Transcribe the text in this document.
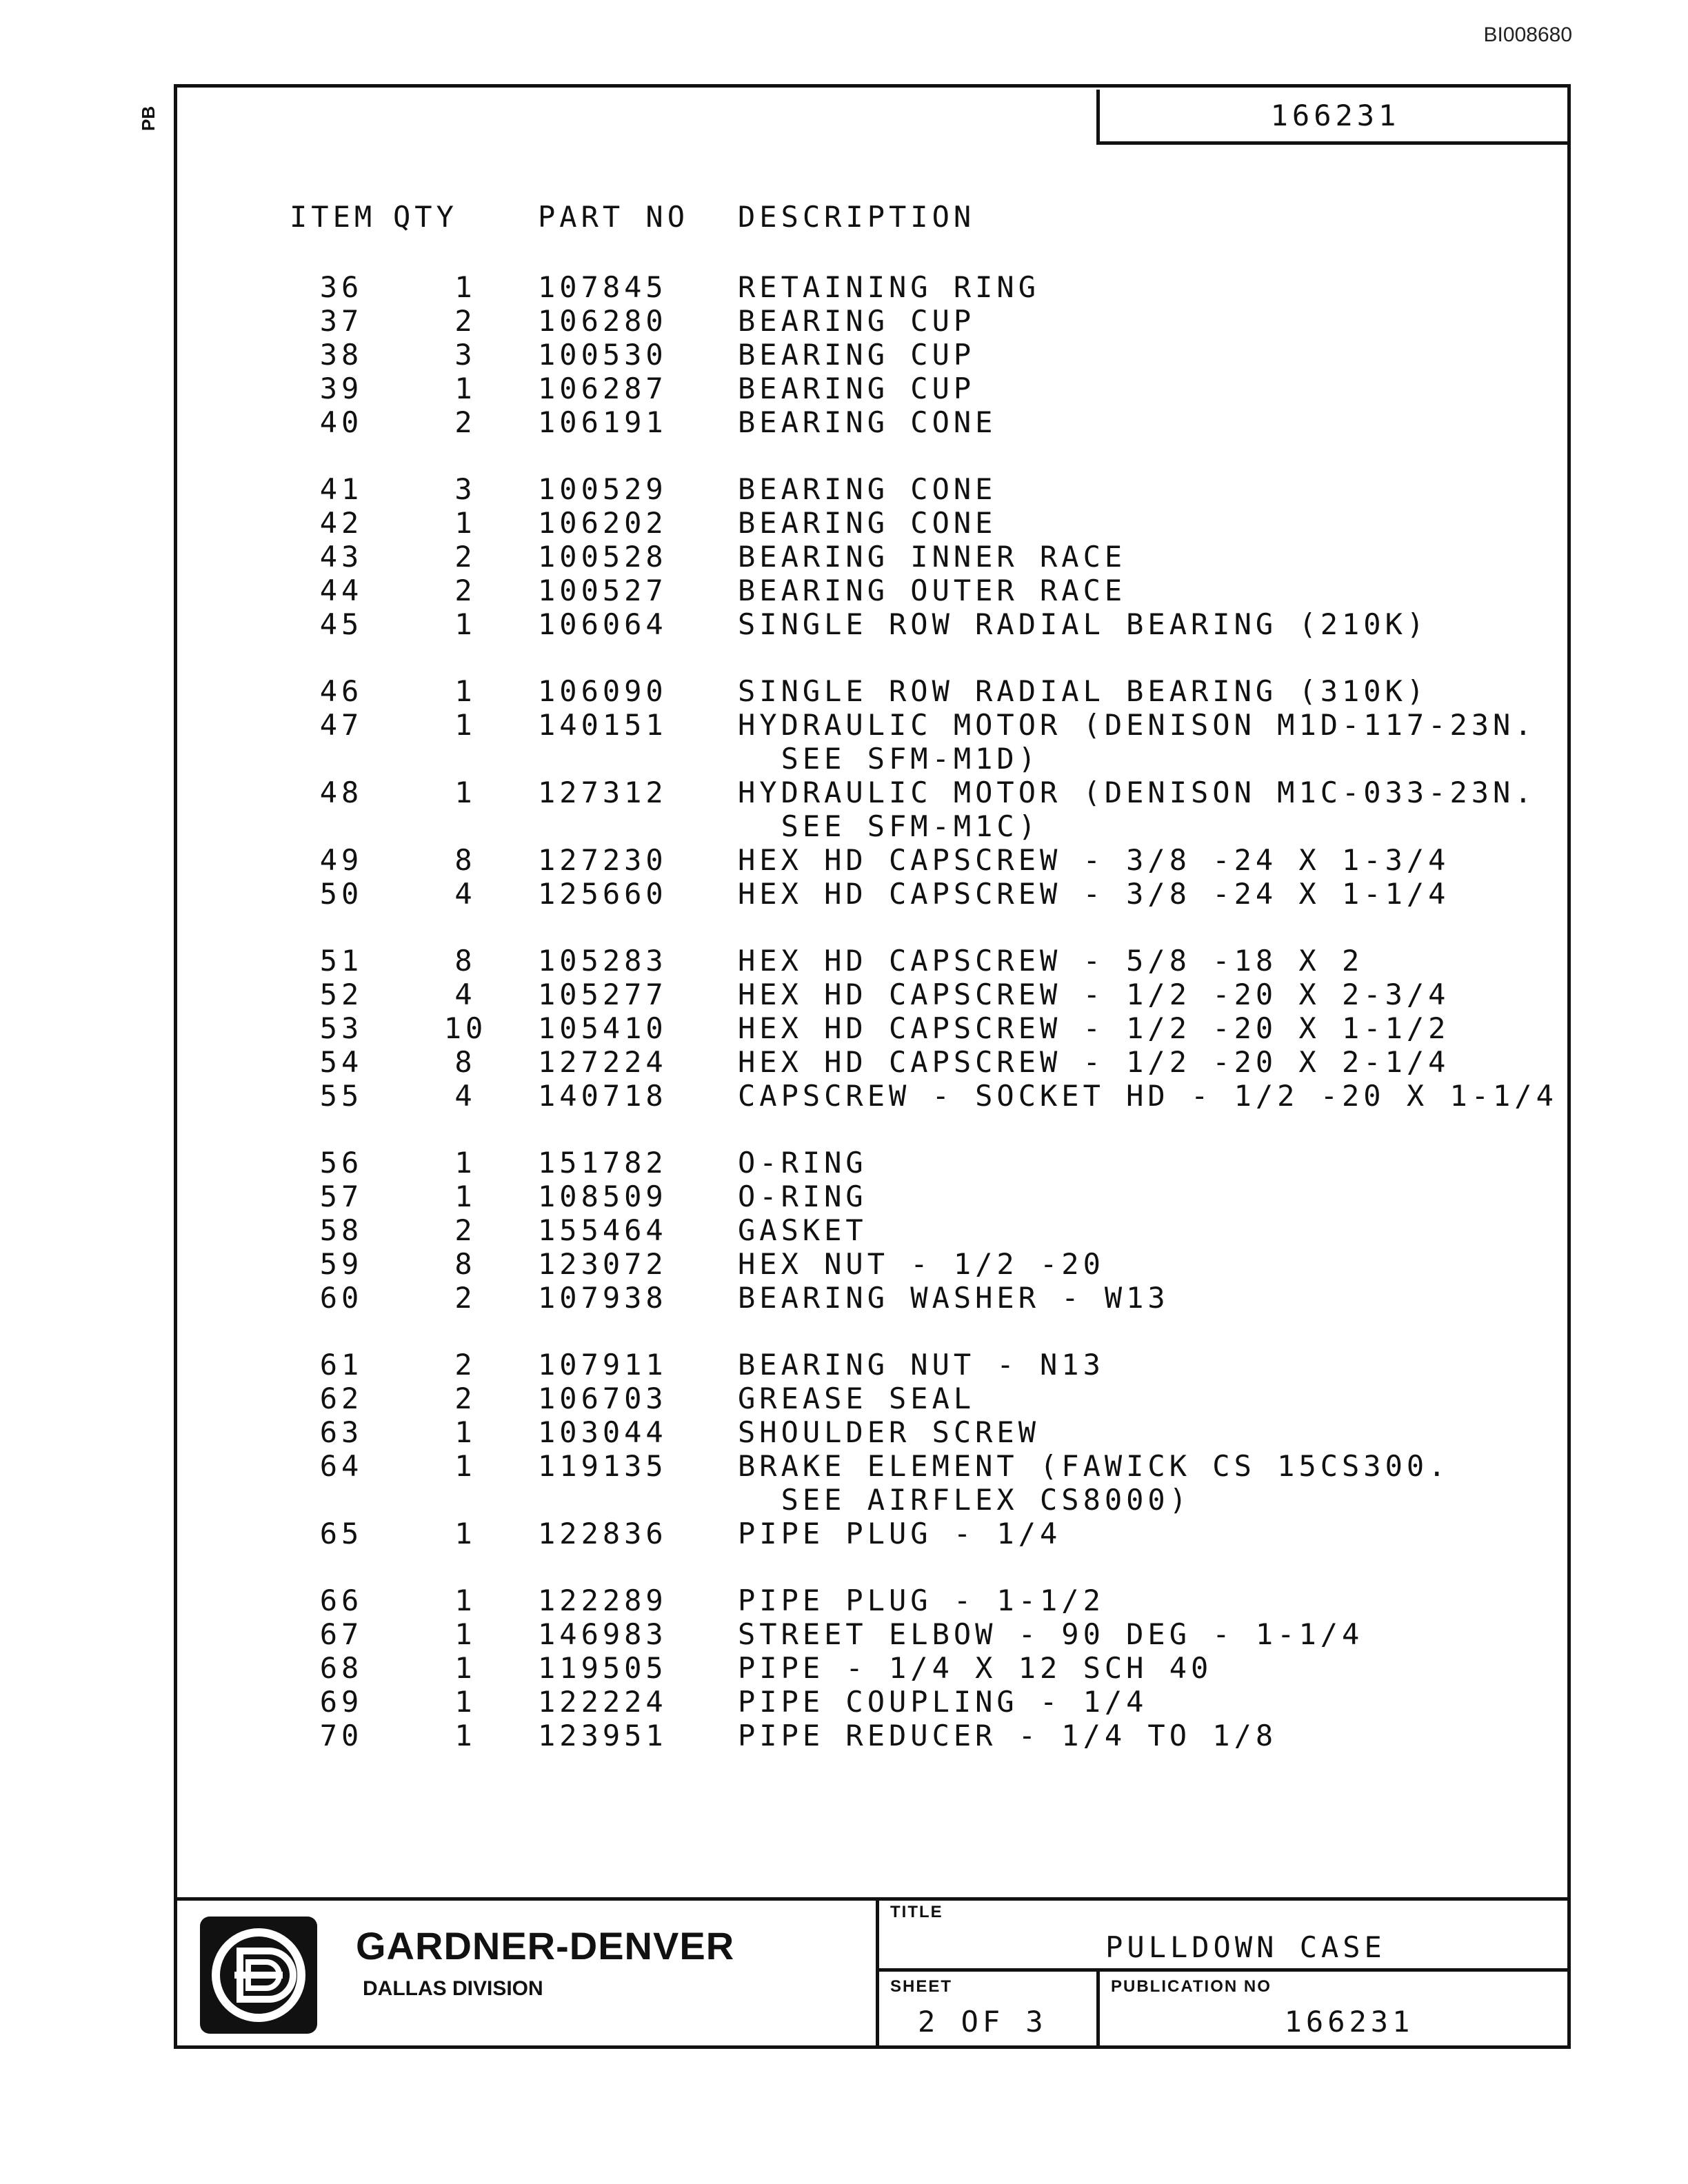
BI008680
PB	166231
ITEM	QTY	PART NO	DESCRIPTION
36	1	107845	RETAINING RING
37	2	106280	BEARING CUP
38	3	100530	BEARING CUP
39	1	106287	BEARING CUP
40	2	106191	BEARING CONE
41	3	100529	BEARING CONE
42	1	106202	BEARING CONE
43	2	100528	BEARING INNER RACE
44	2	100527	BEARING OUTER RACE
45	1	106064	SINGLE ROW RADIAL BEARING (210K)
46	1	106090	SINGLE ROW RADIAL BEARING (310K)
47	1	140151	HYDRAULIC MOTOR (DENISON M1D-117-23N.
			SEE SFM-M1D)
48	1	127312	HYDRAULIC MOTOR (DENISON M1C-033-23N.
			SEE SFM-M1C)
49	8	127230	HEX HD CAPSCREW - 3/8 -24 X 1-3/4
50	4	125660	HEX HD CAPSCREW - 3/8 -24 X 1-1/4
51	8	105283	HEX HD CAPSCREW - 5/8 -18 X 2
52	4	105277	HEX HD CAPSCREW - 1/2 -20 X 2-3/4
53	10	105410	HEX HD CAPSCREW - 1/2 -20 X 1-1/2
54	8	127224	HEX HD CAPSCREW - 1/2 -20 X 2-1/4
55	4	140718	CAPSCREW - SOCKET HD - 1/2 -20 X 1-1/4
56	1	151782	O-RING
57	1	108509	O-RING
58	2	155464	GASKET
59	8	123072	HEX NUT - 1/2 -20
60	2	107938	BEARING WASHER - W13
61	2	107911	BEARING NUT - N13
62	2	106703	GREASE SEAL
63	1	103044	SHOULDER SCREW
64	1	119135	BRAKE ELEMENT (FAWICK CS 15CS300.
			SEE AIRFLEX CS8000)
65	1	122836	PIPE PLUG - 1/4
66	1	122289	PIPE PLUG - 1-1/2
67	1	146983	STREET ELBOW - 90 DEG - 1-1/4
68	1	119505	PIPE - 1/4 X 12 SCH 40
69	1	122224	PIPE COUPLING - 1/4
70	1	123951	PIPE REDUCER - 1/4 TO 1/8
GARDNER-DENVER
DALLAS DIVISION
TITLE
PULLDOWN CASE
SHEET
2 OF 3
PUBLICATION NO
166231
